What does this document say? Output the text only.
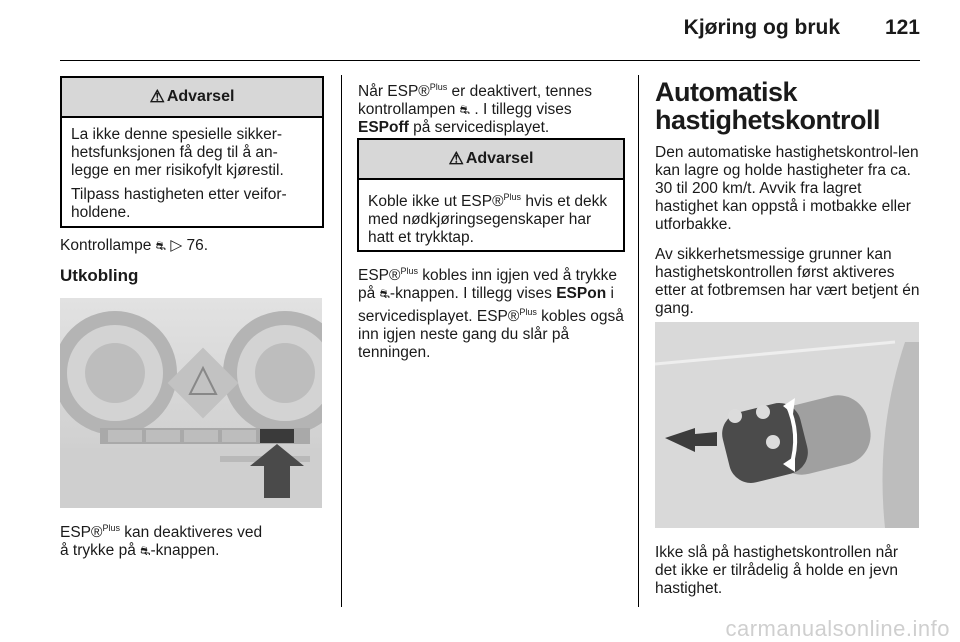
Kjøring og bruk	121
⚠ Advarsel

La ikke denne spesielle sikker-hetsfunksjonen få deg til å an-legge en mer risikofylt kjørestil.

Tilpass hastigheten etter veifor-holdene.

Kontrollampe ⛐ ▷ 76.
Utkobling
ESP®$^{Plus}$ kan deaktiveres ved
å trykke på ⛐-knappen.
Når ESP®$^{Plus}$ er deaktivert, tennes kontrollampen ⛐ . I tillegg vises ESPoff på servicedisplayet.
⚠ Advarsel

Koble ikke ut ESP®$^{Plus}$ hvis et dekk med nødkjøringsegenskaper har hatt et trykktap.

ESP®$^{Plus}$ kobles inn igjen ved å trykke på ⛐-knappen. I tillegg vises ESPon i servicedisplayet. ESP®$^{Plus}$ kobles også inn igjen neste gang du slår på tenningen.
Automatisk hastighetskontroll
Den automatiske hastighetskontrol-len kan lagre og holde hastigheter fra ca. 30 til 200 km/t. Avvik fra lagret hastighet kan oppstå i motbakke eller utforbakke.
Av sikkerhetsmessige grunner kan hastighetskontrollen først aktiveres etter at fotbremsen har vært betjent én gang.
Ikke slå på hastighetskontrollen når det ikke er tilrådelig å holde en jevn hastighet.
carmanualsonline.info
